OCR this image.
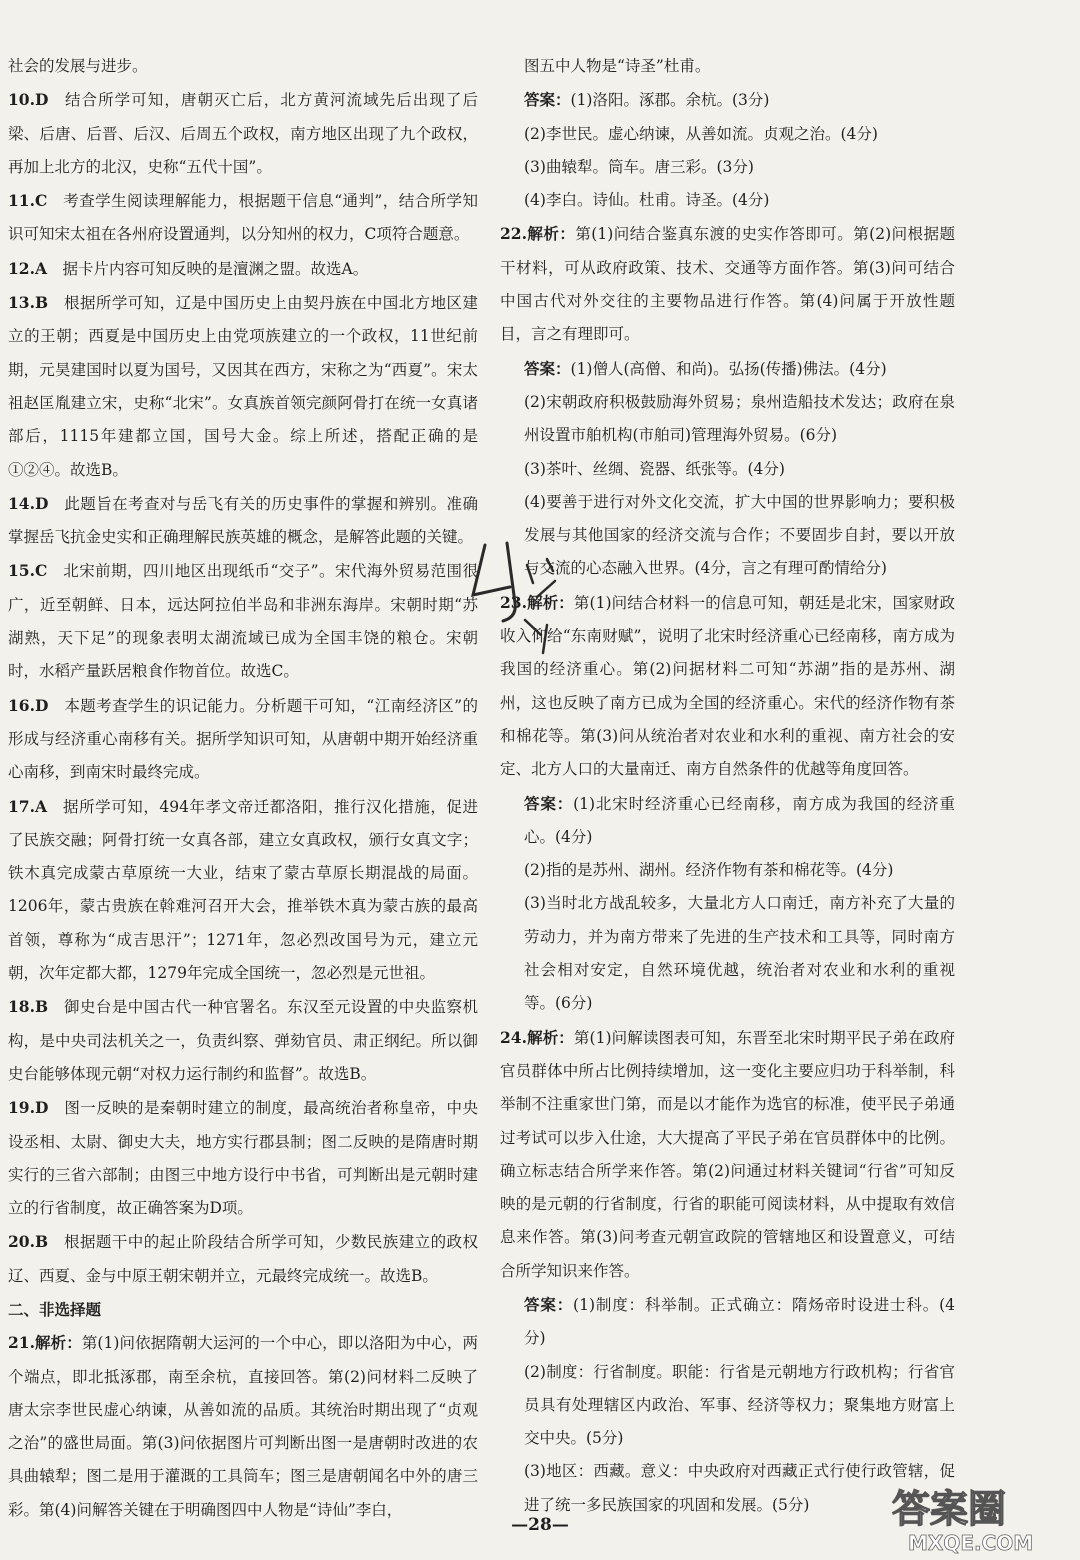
社会的发展与进步。

10.D  结合所学可知，唐朝灭亡后，北方黄河流域先后出现了后梁、后唐、后晋、后汉、后周五个政权，南方地区出现了九个政权，再加上北方的北汉，史称“五代十国”。

11.C  考查学生阅读理解能力，根据题干信息“通判”，结合所学知识可知宋太祖在各州府设置通判，以分知州的权力，C项符合题意。

12.A  据卡片内容可知反映的是澶渊之盟。故选A。

13.B  根据所学可知，辽是中国历史上由契丹族在中国北方地区建立的王朝；西夏是中国历史上由党项族建立的一个政权，11世纪前期，元昊建国时以夏为国号，又因其在西方，宋称之为“西夏”。宋太祖赵匡胤建立宋，史称“北宋”。女真族首领完颜阿骨打在统一女真诸部后，1115年建都立国，国号大金。综上所述，搭配正确的是①②④。故选B。

14.D  此题旨在考查对与岳飞有关的历史事件的掌握和辨别。准确掌握岳飞抗金史实和正确理解民族英雄的概念，是解答此题的关键。

15.C  北宋前期，四川地区出现纸币“交子”。宋代海外贸易范围很广，近至朝鲜、日本，远达阿拉伯半岛和非洲东海岸。宋朝时期“苏湖熟，天下足”的现象表明太湖流域已成为全国丰饶的粮仓。宋朝时，水稻产量跃居粮食作物首位。故选C。

16.D  本题考查学生的识记能力。分析题干可知，“江南经济区”的形成与经济重心南移有关。据所学知识可知，从唐朝中期开始经济重心南移，到南宋时最终完成。

17.A  据所学可知，494年孝文帝迁都洛阳，推行汉化措施，促进了民族交融；阿骨打统一女真各部，建立女真政权，颁行女真文字；铁木真完成蒙古草原统一大业，结束了蒙古草原长期混战的局面。1206年，蒙古贵族在斡难河召开大会，推举铁木真为蒙古族的最高首领，尊称为“成吉思汗”；1271年，忽必烈改国号为元，建立元朝，次年定都大都，1279年完成全国统一，忽必烈是元世祖。

18.B  御史台是中国古代一种官署名。东汉至元设置的中央监察机构，是中央司法机关之一，负责纠察、弹劾官员、肃正纲纪。所以御史台能够体现元朝“对权力运行制约和监督”。故选B。

19.D  图一反映的是秦朝时建立的制度，最高统治者称皇帝，中央设丞相、太尉、御史大夫，地方实行郡县制；图二反映的是隋唐时期实行的三省六部制；由图三中地方设行中书省，可判断出是元朝时建立的行省制度，故正确答案为D项。

20.B  根据题干中的起止阶段结合所学可知，少数民族建立的政权辽、西夏、金与中原王朝宋朝并立，元最终完成统一。故选B。

二、非选择题

21.解析：第(1)问依据隋朝大运河的一个中心，即以洛阳为中心，两个端点，即北抵涿郡，南至余杭，直接回答。第(2)问材料二反映了唐太宗李世民虚心纳谏，从善如流的品质。其统治时期出现了“贞观之治”的盛世局面。第(3)问依据图片可判断出图一是唐朝时改进的农具曲辕犁；图二是用于灌溉的工具筒车；图三是唐朝闻名中外的唐三彩。第(4)问解答关键在于明确图四中人物是“诗仙”李白，

图五中人物是“诗圣”杜甫。

答案：(1)洛阳。涿郡。余杭。(3分)

(2)李世民。虚心纳谏，从善如流。贞观之治。(4分)

(3)曲辕犁。筒车。唐三彩。(3分)

(4)李白。诗仙。杜甫。诗圣。(4分)

22.解析：第(1)问结合鉴真东渡的史实作答即可。第(2)问根据题干材料，可从政府政策、技术、交通等方面作答。第(3)问可结合中国古代对外交往的主要物品进行作答。第(4)问属于开放性题目，言之有理即可。

答案：(1)僧人(高僧、和尚)。弘扬(传播)佛法。(4分)

(2)宋朝政府积极鼓励海外贸易；泉州造船技术发达；政府在泉州设置市舶机构(市舶司)管理海外贸易。(6分)

(3)茶叶、丝绸、瓷器、纸张等。(4分)

(4)要善于进行对外文化交流，扩大中国的世界影响力；要积极发展与其他国家的经济交流与合作；不要固步自封，要以开放与交流的心态融入世界。(4分，言之有理可酌情给分)

23.解析：第(1)问结合材料一的信息可知，朝廷是北宋，国家财政收入仰给“东南财赋”，说明了北宋时经济重心已经南移，南方成为我国的经济重心。第(2)问据材料二可知“苏湖”指的是苏州、湖州，这也反映了南方已成为全国的经济重心。宋代的经济作物有茶和棉花等。第(3)问从统治者对农业和水利的重视、南方社会的安定、北方人口的大量南迁、南方自然条件的优越等角度回答。

答案：(1)北宋时经济重心已经南移，南方成为我国的经济重心。(4分)

(2)指的是苏州、湖州。经济作物有茶和棉花等。(4分)

(3)当时北方战乱较多，大量北方人口南迁，南方补充了大量的劳动力，并为南方带来了先进的生产技术和工具等，同时南方社会相对安定，自然环境优越，统治者对农业和水利的重视等。(6分)

24.解析：第(1)问解读图表可知，东晋至北宋时期平民子弟在政府官员群体中所占比例持续增加，这一变化主要应归功于科举制，科举制不注重家世门第，而是以才能作为选官的标准，使平民子弟通过考试可以步入仕途，大大提高了平民子弟在官员群体中的比例。确立标志结合所学来作答。第(2)问通过材料关键词“行省”可知反映的是元朝的行省制度，行省的职能可阅读材料，从中提取有效信息来作答。第(3)问考查元朝宣政院的管辖地区和设置意义，可结合所学知识来作答。

答案：(1)制度：科举制。正式确立：隋炀帝时设进士科。(4分)

(2)制度：行省制度。职能：行省是元朝地方行政机构；行省官员具有处理辖区内政治、军事、经济等权力；聚集地方财富上交中央。(5分)

(3)地区：西藏。意义：中央政府对西藏正式行使行政管辖，促进了统一多民族国家的巩固和发展。(5分)

—28—	答案圈
MXQE.COM
